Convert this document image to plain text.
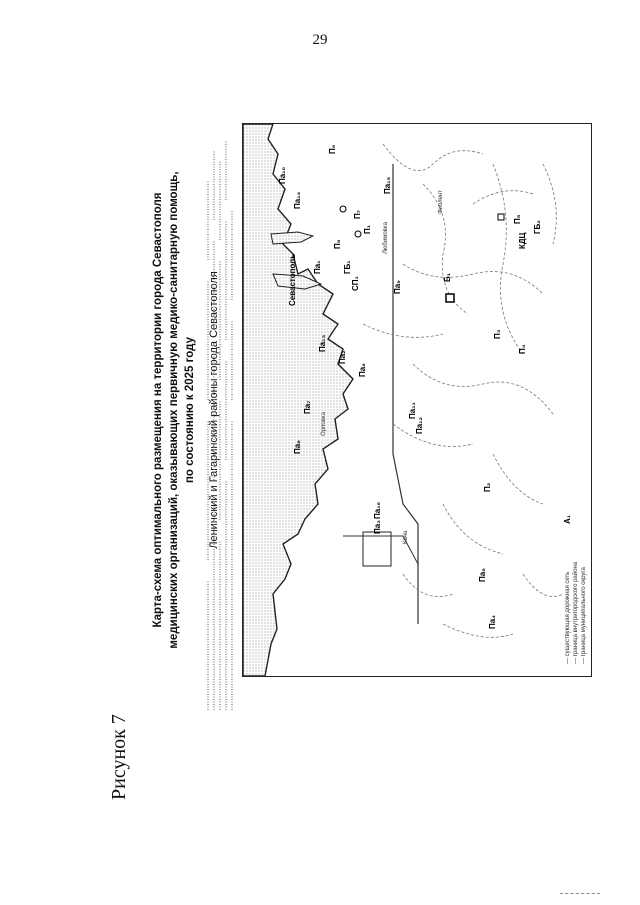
29
Рисунок 7
Карта-схема оптимального размещения на территории города Севастополя медицинских организаций, оказывающих первичную медико-санитарную помощь, по состоянию к 2025 году Ленинский и Гагаринский районы города Севастополя	Севастополь
Орловка
Кача
Любимовка
Фиолент
Па₁
Па₂
Па₃
Па₄
Па₅
Па₆
Па₇
Па₈
Па₉
Па₁₀
Па₁₁
Па₁₂
Па₁₃
Па₁₄
Па₁₅
Па₁₆
П₁
П₂
П₃
П₄
П₅
П₆
П₇
П₈
ГБ₁
ГБ₂
СП₁
КДЦ
А₁
Б₁
— граница муниципального округа
— граница внутригородского района
— существующая дорожная сеть
